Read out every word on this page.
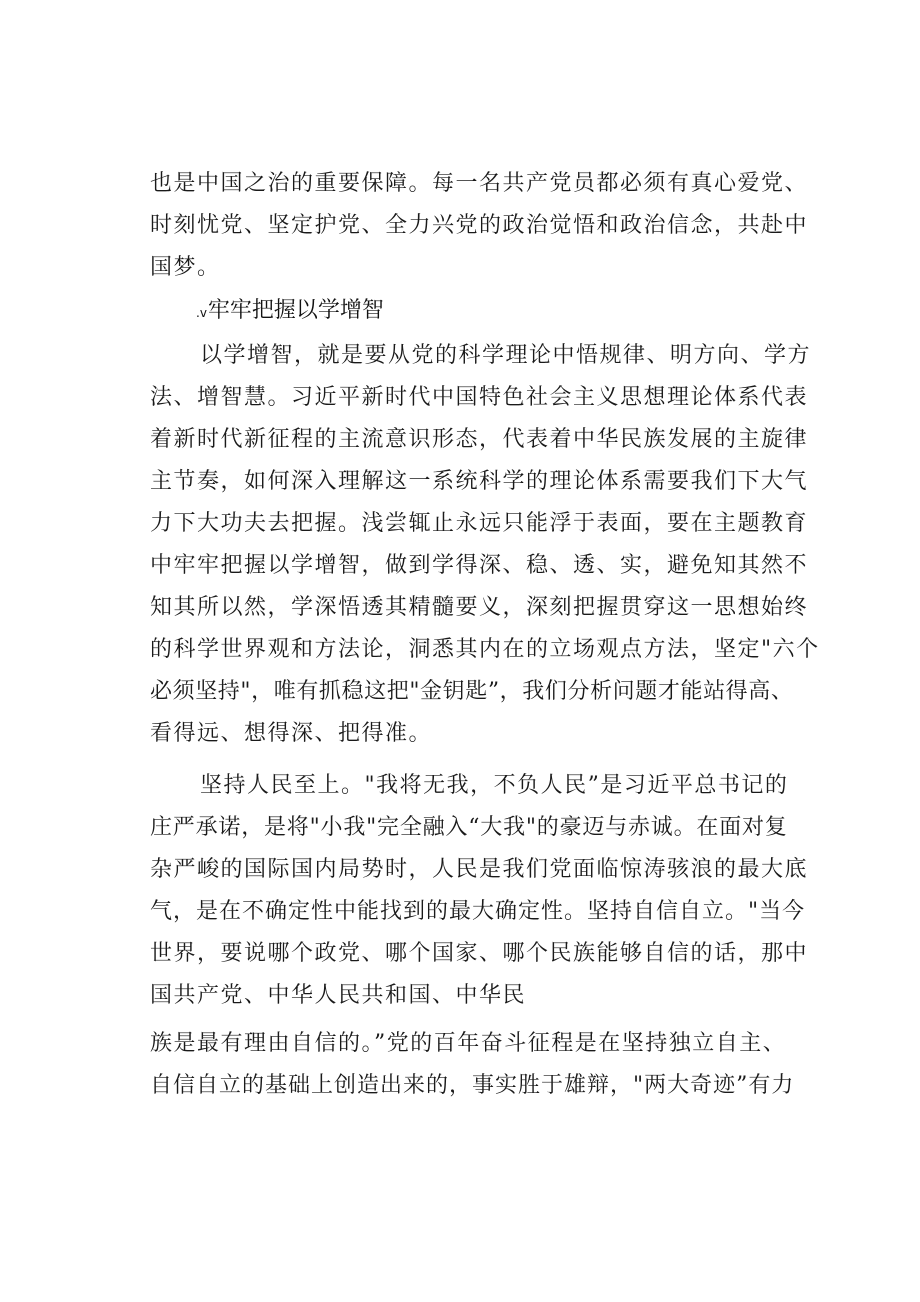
也是中国之治的重要保障。每一名共产党员都必须有真心爱党、
时刻忧党、坚定护党、全力兴党的政治觉悟和政治信念，共赴中
国梦。
.v牢牢把握以学增智
以学增智，就是要从党的科学理论中悟规律、明方向、学方
法、增智慧。习近平新时代中国特色社会主义思想理论体系代表
着新时代新征程的主流意识形态，代表着中华民族发展的主旋律
主节奏，如何深入理解这一系统科学的理论体系需要我们下大气
力下大功夫去把握。浅尝辄止永远只能浮于表面，要在主题教育
中牢牢把握以学增智，做到学得深、稳、透、实，避免知其然不
知其所以然，学深悟透其精髓要义，深刻把握贯穿这一思想始终
的科学世界观和方法论，洞悉其内在的立场观点方法，坚定"六个
必须坚持"，唯有抓稳这把"金钥匙”，我们分析问题才能站得高、
看得远、想得深、把得准。
坚持人民至上。"我将无我，不负人民”是习近平总书记的
庄严承诺，是将"小我"完全融入“大我"的豪迈与赤诚。在面对复
杂严峻的国际国内局势时，人民是我们党面临惊涛骇浪的最大底
气，是在不确定性中能找到的最大确定性。坚持自信自立。"当今
世界，要说哪个政党、哪个国家、哪个民族能够自信的话，那中
国共产党、中华人民共和国、中华民
族是最有理由自信的。”党的百年奋斗征程是在坚持独立自主、
自信自立的基础上创造出来的，事实胜于雄辩，"两大奇迹”有力
